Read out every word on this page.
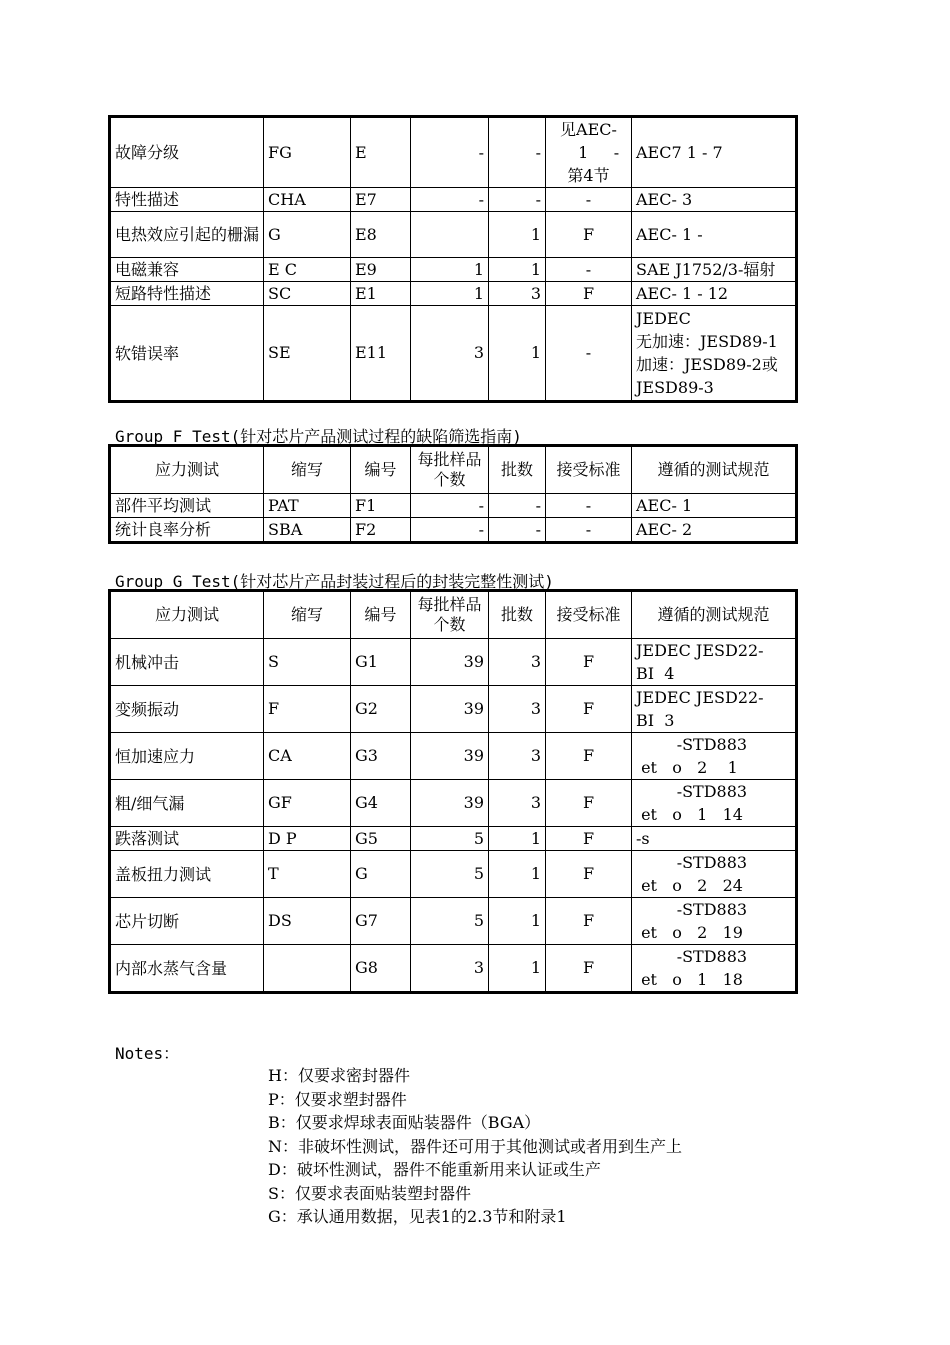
故障分级	FG	E	-	-	见AEC-
1     -
第4节	AEC7 1 - 7
特性描述	CHA	E7	-	-	-	AEC- 3
电热效应引起的栅漏	G	E8		1	F	AEC- 1 -
电磁兼容	E C	E9	1	1	-	SAE J1752/3-辐射
短路特性描述	SC	E1	1	3	F	AEC- 1 - 12
软错误率	SE	E11	3	1	-	JEDEC
无加速：JESD89-1
加速：JESD89-2或
JESD89-3
Group F Test(针对芯片产品测试过程的缺陷筛选指南)
应力测试	缩写	编号	每批样品个数	批数	接受标准	遵循的测试规范
部件平均测试	PAT	F1	-	-	-	AEC- 1
统计良率分析	SBA	F2	-	-	-	AEC- 2
Group G Test(针对芯片产品封装过程后的封装完整性测试)
应力测试	缩写	编号	每批样品个数	批数	接受标准	遵循的测试规范
机械冲击	S	G1	39	3	F	JEDEC JESD22-
BI  4
变频振动	F	G2	39	3	F	JEDEC JESD22-
BI  3
恒加速应力	CA	G3	39	3	F	-STD883
et   o   2    1
粗/细气漏	GF	G4	39	3	F	-STD883
et   o   1   14
跌落测试	D P	G5	5	1	F	-s
盖板扭力测试	T	G	5	1	F	-STD883
et   o   2   24
芯片切断	DS	G7	5	1	F	-STD883
et   o   2   19
内部水蒸气含量		G8	3	1	F	-STD883
et   o   1   18
Notes：
H：仅要求密封器件
P：仅要求塑封器件
B：仅要求焊球表面贴装器件（BGA）
N：非破坏性测试，器件还可用于其他测试或者用到生产上
D：破坏性测试，器件不能重新用来认证或生产
S：仅要求表面贴装塑封器件
G：承认通用数据，见表1的2.3节和附录1
